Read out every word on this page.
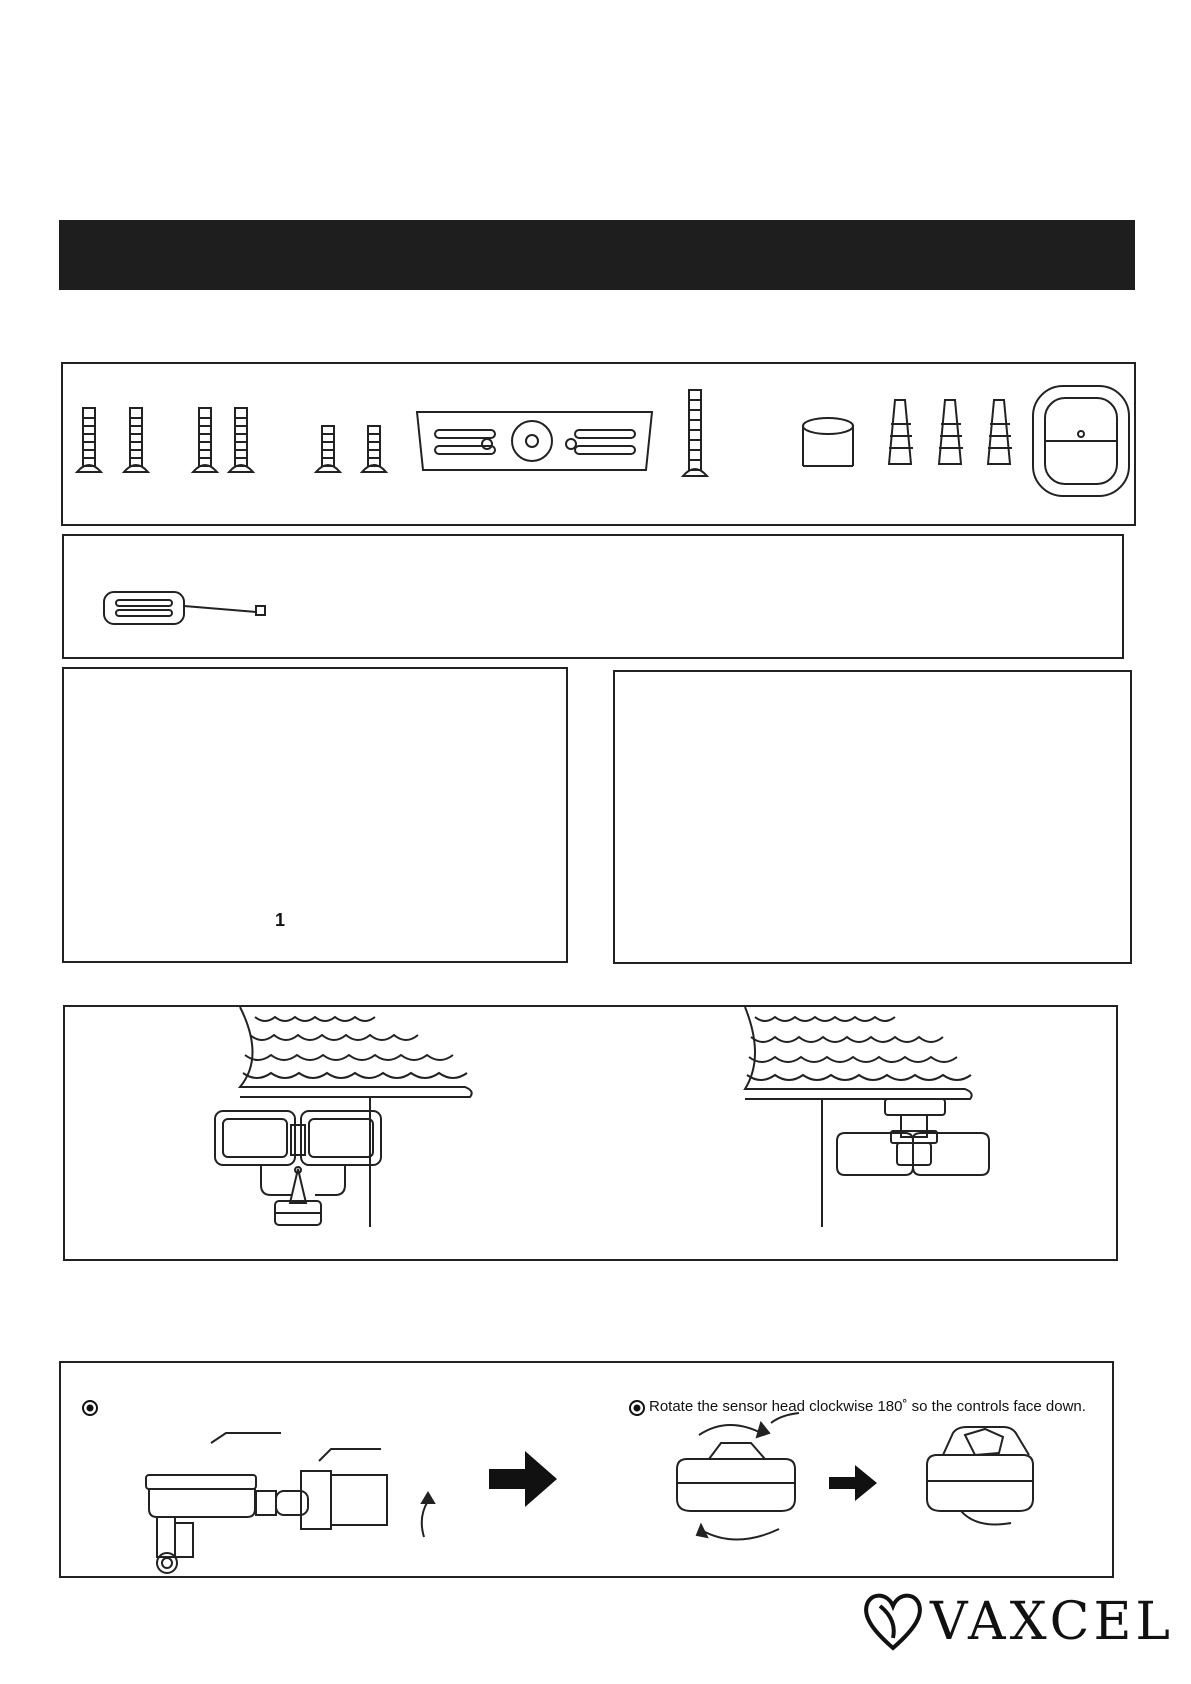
1
Rotate the sensor head clockwise 180˚ so the controls face down.
VAXCEL
